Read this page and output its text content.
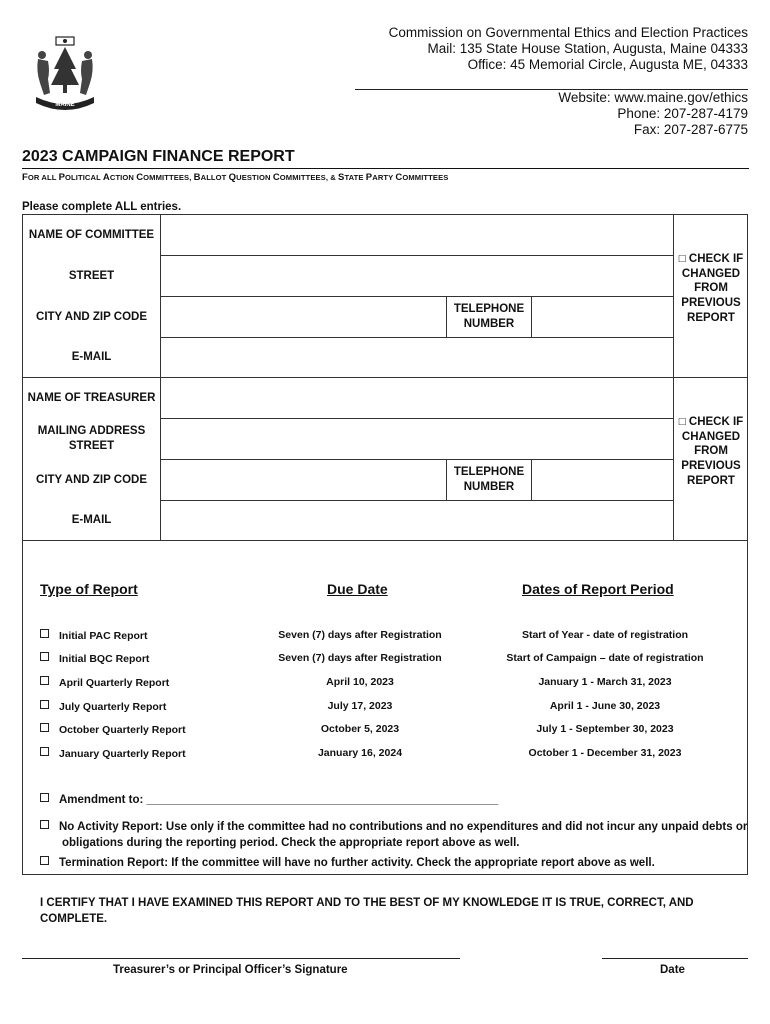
MAINE
Commission on Governmental Ethics and Election Practices
Mail: 135 State House Station, Augusta, Maine 04333
Office: 45 Memorial Circle, Augusta ME, 04333
Website: www.maine.gov/ethics
Phone: 207-287-4179
Fax: 207-287-6775
2023 CAMPAIGN FINANCE REPORT
FOR ALL POLITICAL ACTION COMMITTEES, BALLOT QUESTION COMMITTEES, & STATE PARTY COMMITTEES
Please complete ALL entries.
NAME OF COMMITTEE
STREET
CITY AND ZIP CODE
TELEPHONE NUMBER
E-MAIL
□ CHECK IF CHANGED FROM PREVIOUS REPORT
NAME OF TREASURER
MAILING ADDRESS STREET
CITY AND ZIP CODE
TELEPHONE NUMBER
E-MAIL
□ CHECK IF CHANGED FROM PREVIOUS REPORT
Type of Report	Due Date	Dates of Report Period
Initial PAC Report	Seven (7) days after Registration	Start of Year - date of registration
Initial BQC Report	Seven (7) days after Registration	Start of Campaign – date of registration
April Quarterly Report	April 10, 2023	January 1 - March 31, 2023
July Quarterly Report	July 17, 2023	April 1 - June 30, 2023
October Quarterly Report	October 5, 2023	July 1 - September 30, 2023
January Quarterly Report	January 16, 2024	October 1 - December 31, 2023
Amendment to: _______________________________________________________
No Activity Report: Use only if the committee had no contributions and no expenditures and did not incur any unpaid debts or obligations during the reporting period. Check the appropriate report above as well.
Termination Report: If the committee will have no further activity. Check the appropriate report above as well.
I CERTIFY THAT I HAVE EXAMINED THIS REPORT AND TO THE BEST OF MY KNOWLEDGE IT IS TRUE, CORRECT, AND COMPLETE.
Treasurer’s or Principal Officer’s Signature	Date
